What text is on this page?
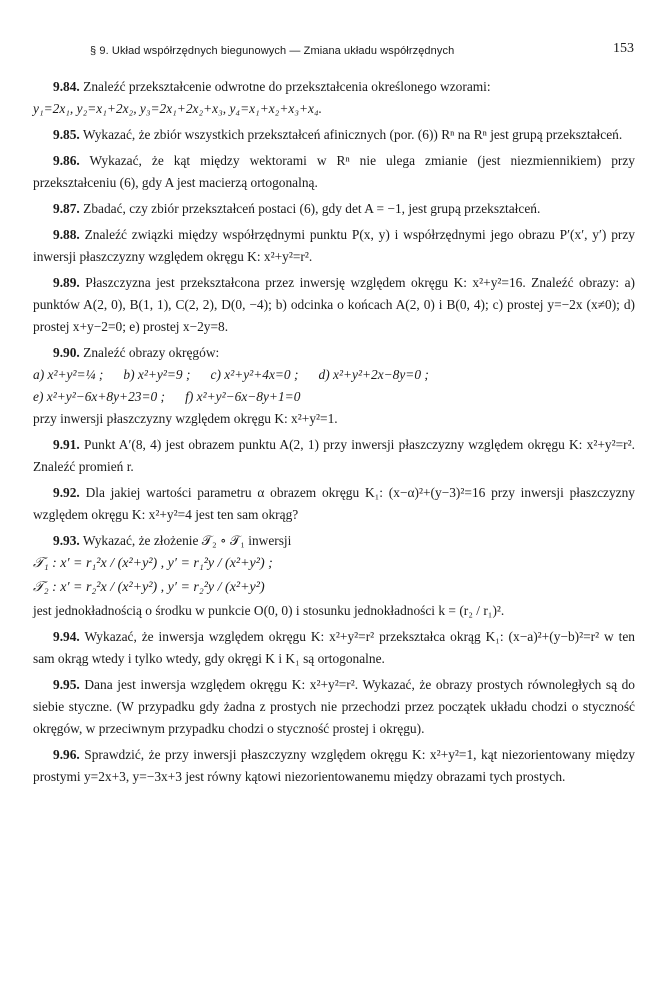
§ 9. Układ współrzędnych biegunowych — Zmiana układu współrzędnych	153

9.84. Znaleźć przekształcenie odwrotne do przekształcenia określonego wzorami:

y₁=2x₁, y₂=x₁+2x₂, y₃=2x₁+2x₂+x₃, y₄=x₁+x₂+x₃+x₄.

9.85. Wykazać, że zbiór wszystkich przekształceń afinicznych (por. (6)) Rⁿ na Rⁿ jest grupą przekształceń.

9.86. Wykazać, że kąt między wektorami w Rⁿ nie ulega zmianie (jest niezmiennikiem) przy przekształceniu (6), gdy A jest macierzą ortogonalną.

9.87. Zbadać, czy zbiór przekształceń postaci (6), gdy det A = −1, jest grupą przekształceń.

9.88. Znaleźć związki między współrzędnymi punktu P(x, y) i współrzędnymi jego obrazu P′(x′, y′) przy inwersji płaszczyzny względem okręgu K: x²+y²=r².

9.89. Płaszczyzna jest przekształcona przez inwersję względem okręgu K: x²+y²=16. Znaleźć obrazy: a) punktów A(2, 0), B(1, 1), C(2, 2), D(0, −4); b) odcinka o końcach A(2, 0) i B(0, 4); c) prostej y=−2x (x≠0); d) prostej x+y−2=0; e) prostej x−2y=8.

9.90. Znaleźć obrazy okręgów:

a) x²+y²=¼ ;      b) x²+y²=9 ;      c) x²+y²+4x=0 ;      d) x²+y²+2x−8y=0 ;

e) x²+y²−6x+8y+23=0 ;      f) x²+y²−6x−8y+1=0

przy inwersji płaszczyzny względem okręgu K: x²+y²=1.

9.91. Punkt A′(8, 4) jest obrazem punktu A(2, 1) przy inwersji płaszczyzny względem okręgu K: x²+y²=r². Znaleźć promień r.

9.92. Dla jakiej wartości parametru α obrazem okręgu K₁: (x−α)²+(y−3)²=16 przy inwersji płaszczyzny względem okręgu K: x²+y²=4 jest ten sam okrąg?

9.93. Wykazać, że złożenie 𝒯₂ ∘ 𝒯₁ inwersji

𝒯₁ : x′ = r₁²x / (x²+y²) , y′ = r₁²y / (x²+y²) ;

𝒯₂ : x′ = r₂²x / (x²+y²) , y′ = r₂²y / (x²+y²)

jest jednokładnością o środku w punkcie O(0, 0) i stosunku jednokładności k = (r₂ / r₁)².

9.94. Wykazać, że inwersja względem okręgu K: x²+y²=r² przekształca okrąg K₁: (x−a)²+(y−b)²=r² w ten sam okrąg wtedy i tylko wtedy, gdy okręgi K i K₁ są ortogonalne.

9.95. Dana jest inwersja względem okręgu K: x²+y²=r². Wykazać, że obrazy prostych równoległych są do siebie styczne. (W przypadku gdy żadna z prostych nie przechodzi przez początek układu chodzi o styczność okręgów, w przeciwnym przypadku chodzi o styczność prostej i okręgu).

9.96. Sprawdzić, że przy inwersji płaszczyzny względem okręgu K: x²+y²=1, kąt niezorientowany między prostymi y=2x+3, y=−3x+3 jest równy kątowi niezorientowanemu między obrazami tych prostych.
